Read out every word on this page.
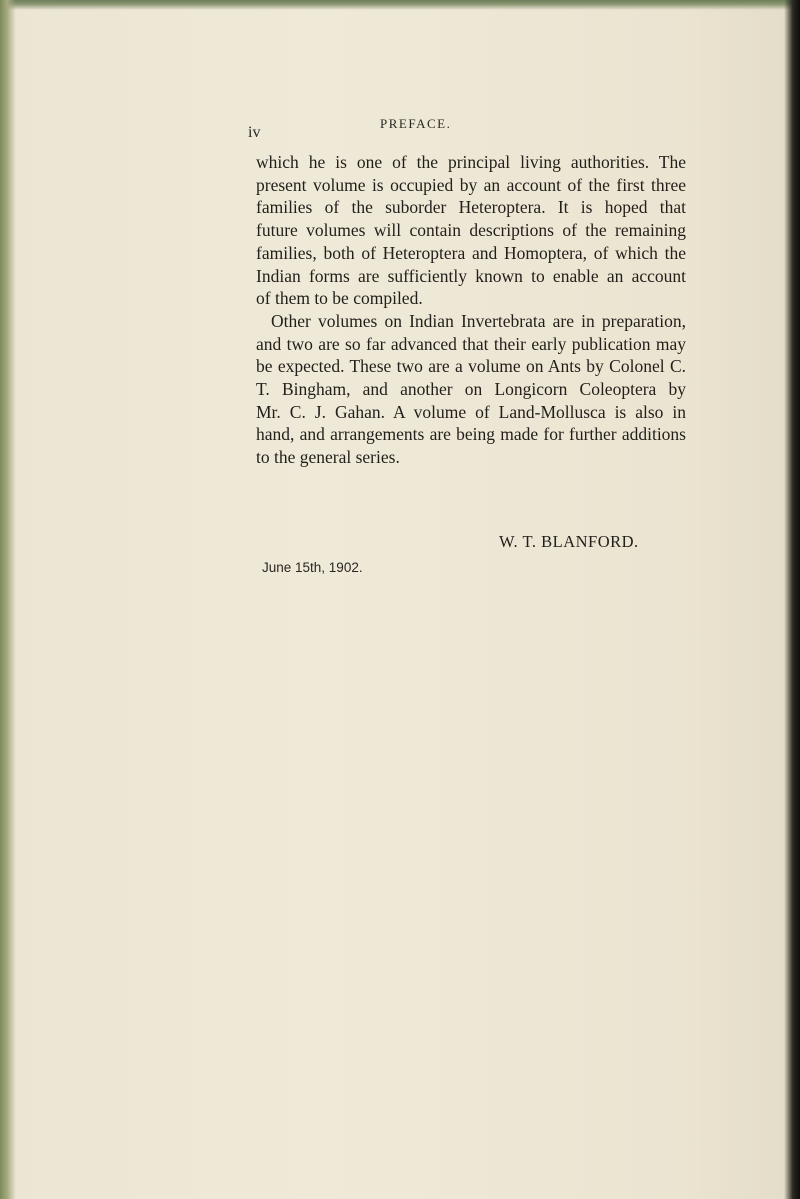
iv
PREFACE.

which he is one of the principal living authorities. The

present volume is occupied by an account of the first three

families of the suborder Heteroptera. It is hoped that

future volumes will contain descriptions of the remaining

families, both of Heteroptera and Homoptera, of which the

Indian forms are sufficiently known to enable an account

of them to be compiled.

Other volumes on Indian Invertebrata are in preparation,

and two are so far advanced that their early publication may

be expected. These two are a volume on Ants by Colonel C.

T. Bingham, and another on Longicorn Coleoptera by

Mr. C. J. Gahan. A volume of Land-Mollusca is also in

hand, and arrangements are being made for further additions

to the general series.

W. T. BLANFORD.
June 15th, 1902.
